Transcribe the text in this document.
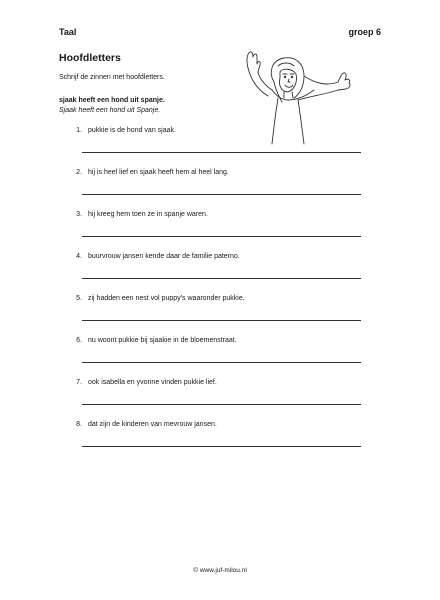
Taal	groep 6
Hoofdletters
Schrijf de zinnen met hoofdletters.
sjaak heeft een hond uit spanje.
Sjaak heeft een hond uit Spanje.
1. pukkie is de hond van sjaak.
2. hij is heel lief en sjaak heeft hem al heel lang.
3. hij kreeg hem toen ze in spanje waren.
4. buurvrouw jansen kende daar de familie paterno.
5. zij hadden een nest vol puppy’s waaronder pukkie.
6. nu woont pukkie bij sjaakie in de bloemenstraat.
7. ook isabella en yvonne vinden pukkie lief.
8. dat zijn de kinderen van mevrouw jansen.
© www.juf-milou.nl
